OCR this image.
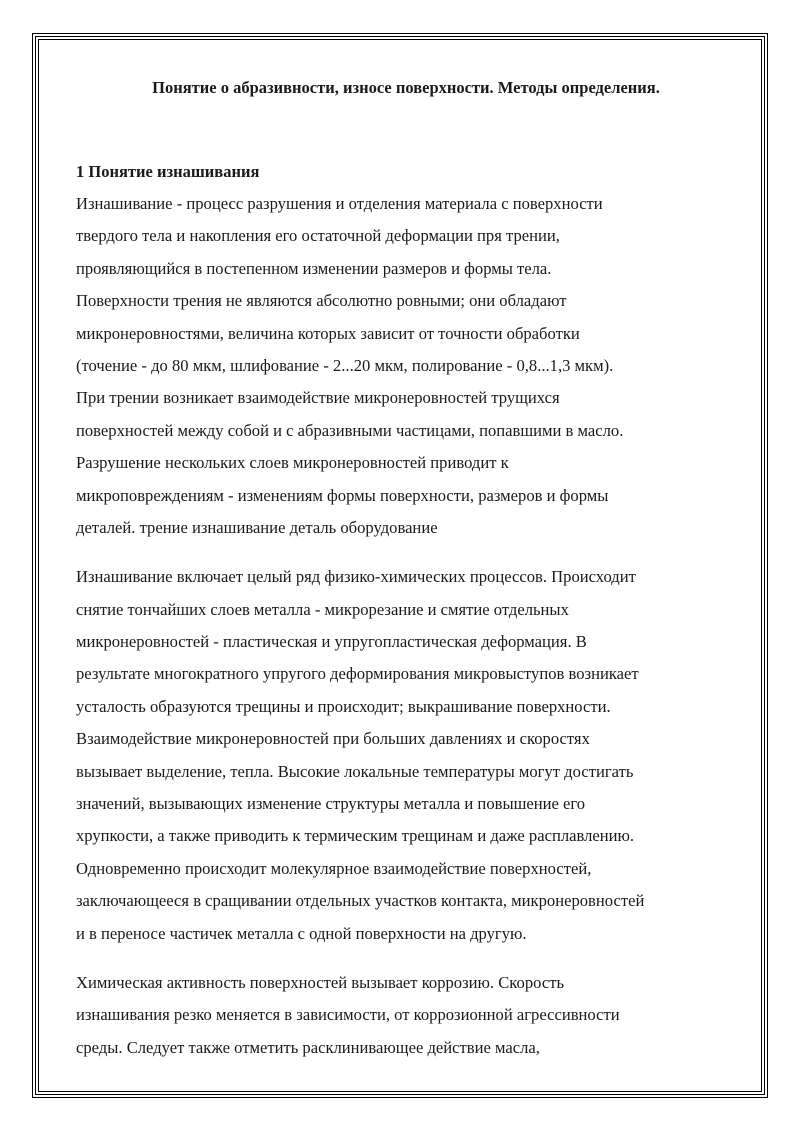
Понятие о абразивности, износе поверхности. Методы определения.
1 Понятие изнашивания
Изнашивание - процесс разрушения и отделения материала с поверхности
твердого тела и накопления его остаточной деформации пря трении,
проявляющийся в постепенном изменении размеров и формы тела.
Поверхности трения не являются абсолютно ровными; они обладают
микронеровностями, величина которых зависит от точности обработки
(точение - до 80 мкм, шлифование - 2...20 мкм, полирование - 0,8...1,3 мкм).
При трении возникает взаимодействие микронеровностей трущихся
поверхностей между собой и с абразивными частицами, попавшими в масло.
Разрушение нескольких слоев микронеровностей приводит к
микроповреждениям - изменениям формы поверхности, размеров и формы
деталей. трение изнашивание деталь оборудование
Изнашивание включает целый ряд физико-химических процессов. Происходит
снятие тончайших слоев металла - микрорезание и смятие отдельных
микронеровностей - пластическая и упругопластическая деформация. В
результате многократного упругого деформирования микровыступов возникает
усталость образуются трещины и происходит; выкрашивание поверхности.
Взаимодействие микронеровностей при больших давлениях и скоростях
вызывает выделение, тепла. Высокие локальные температуры могут достигать
значений, вызывающих изменение структуры металла и повышение его
хрупкости, а также приводить к термическим трещинам и даже расплавлению.
Одновременно происходит молекулярное взаимодействие поверхностей,
заключающееся в сращивании отдельных участков контакта, микронеровностей
и в переносе частичек металла с одной поверхности на другую.
Химическая активность поверхностей вызывает коррозию. Скорость
изнашивания резко меняется в зависимости, от коррозионной агрессивности
среды. Следует также отметить расклинивающее действие масла,
